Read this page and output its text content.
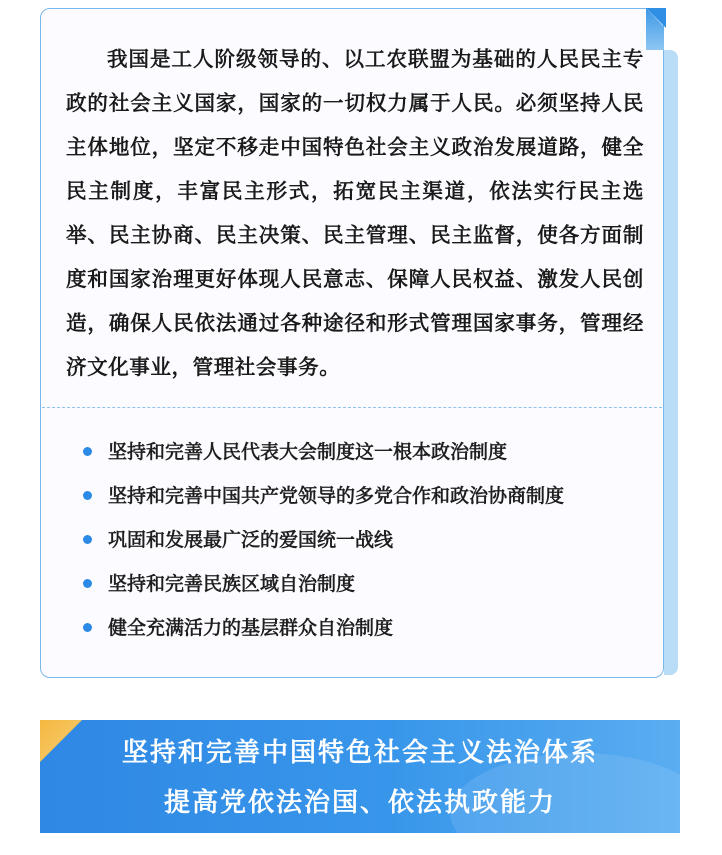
我国是工人阶级领导的、以工农联盟为基础的人民民主专政的社会主义国家，国家的一切权力属于人民。必须坚持人民主体地位，坚定不移走中国特色社会主义政治发展道路，健全民主制度，丰富民主形式，拓宽民主渠道，依法实行民主选举、民主协商、民主决策、民主管理、民主监督，使各方面制度和国家治理更好体现人民意志、保障人民权益、激发人民创造，确保人民依法通过各种途径和形式管理国家事务，管理经济文化事业，管理社会事务。

坚持和完善人民代表大会制度这一根本政治制度
坚持和完善中国共产党领导的多党合作和政治协商制度
巩固和发展最广泛的爱国统一战线
坚持和完善民族区域自治制度
健全充满活力的基层群众自治制度
坚持和完善中国特色社会主义法治体系
提高党依法治国、依法执政能力
